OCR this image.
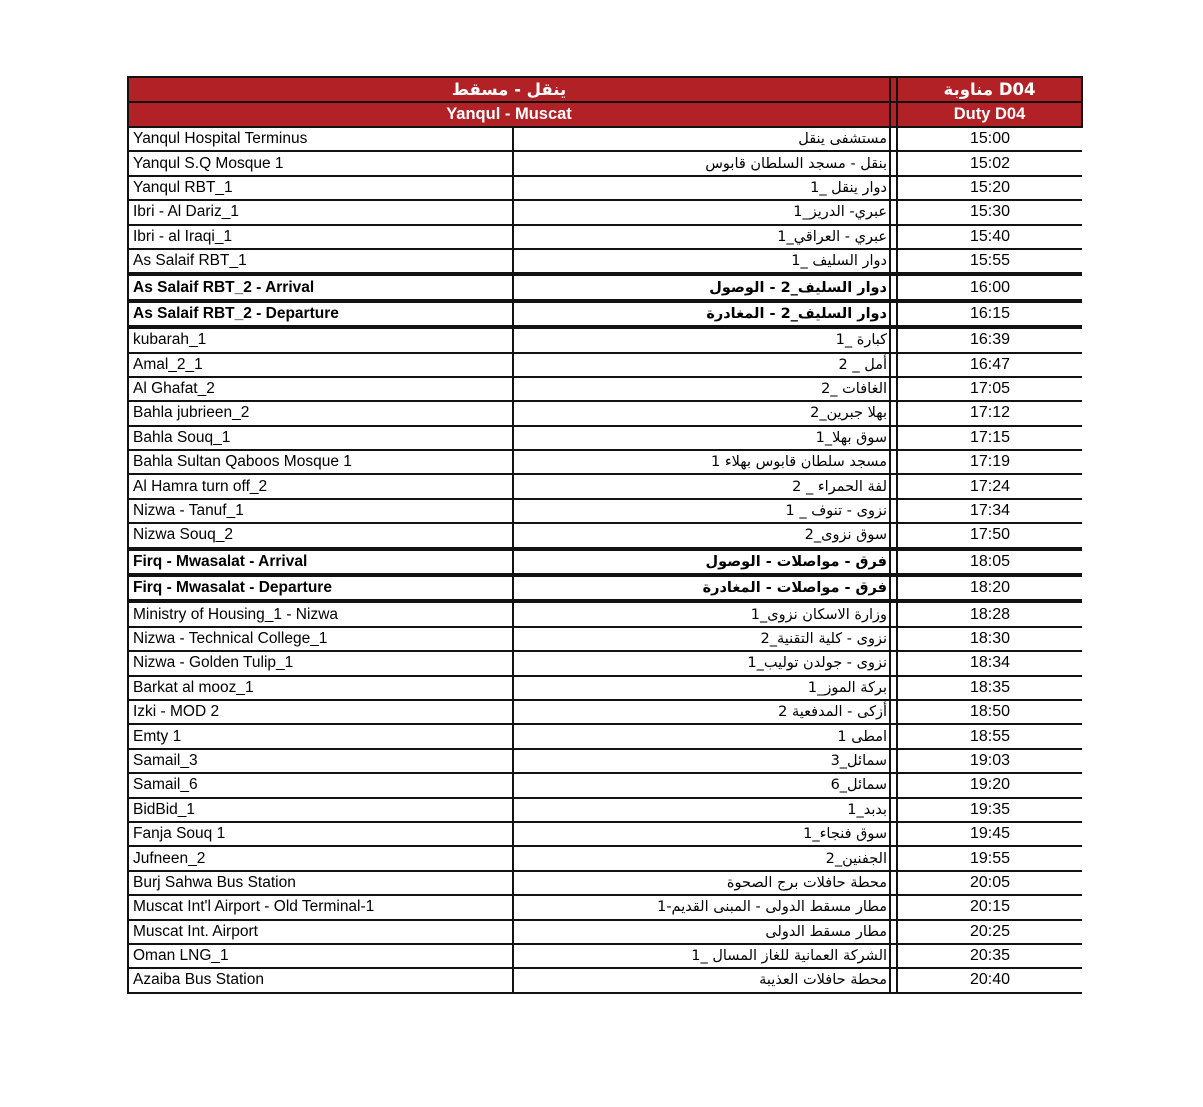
ينقل - مسقط			مناوبة D04
Yanqul - Muscat			Duty D04
Yanqul Hospital Terminus	مستشفى ينقل		15:00
Yanqul S.Q Mosque 1	بنقل - مسجد السلطان قابوس		15:02
Yanqul RBT_1	دوار ينقل _1		15:20
Ibri - Al Dariz_1	عبري- الدريز_1		15:30
Ibri - al Iraqi_1	عبري - العراقي_1		15:40
As Salaif RBT_1	دوار السليف _1		15:55
As Salaif RBT_2 - Arrival	دوار السليف_2 - الوصول		16:00
As Salaif RBT_2 - Departure	دوار السليف_2 - المغادرة		16:15
kubarah_1	كبارة _1		16:39
Amal_2_1	أمل _ 2		16:47
Al Ghafat_2	الغافات _2		17:05
Bahla jubrieen_2	بهلا جبرين_2		17:12
Bahla Souq_1	سوق بهلا_1		17:15
Bahla Sultan Qaboos Mosque 1	مسجد سلطان قابوس بهلاء 1		17:19
Al Hamra turn off_2	لفة الحمراء _ 2		17:24
Nizwa - Tanuf_1	نزوى - تنوف _ 1		17:34
Nizwa Souq_2	سوق نزوى_2		17:50
Firq - Mwasalat - Arrival	فرق - مواصلات - الوصول		18:05
Firq - Mwasalat - Departure	فرق - مواصلات - المغادرة		18:20
Ministry of Housing_1 - Nizwa	وزارة الاسكان نزوى_1		18:28
Nizwa - Technical College_1	نزوى - كلية التقنية_2		18:30
Nizwa - Golden Tulip_1	نزوى - جولدن توليب_1		18:34
Barkat al mooz_1	بركة الموز_1		18:35
Izki - MOD 2	أزكى - المدفعية 2		18:50
Emty 1	امطى 1		18:55
Samail_3	سمائل_3		19:03
Samail_6	سمائل_6		19:20
BidBid_1	بدبد_1		19:35
Fanja Souq 1	سوق فنجاء_1		19:45
Jufneen_2	الجفنين_2		19:55
Burj Sahwa Bus Station	محطة حافلات برج الصحوة		20:05
Muscat Int'l Airport - Old Terminal-1	مطار مسقط الدولى - المبنى القديم-1		20:15
Muscat Int. Airport	مطار مسقط الدولى		20:25
Oman LNG_1	الشركة العمانية للغاز المسال _1		20:35
Azaiba Bus Station	محطة حافلات العذيبة		20:40
